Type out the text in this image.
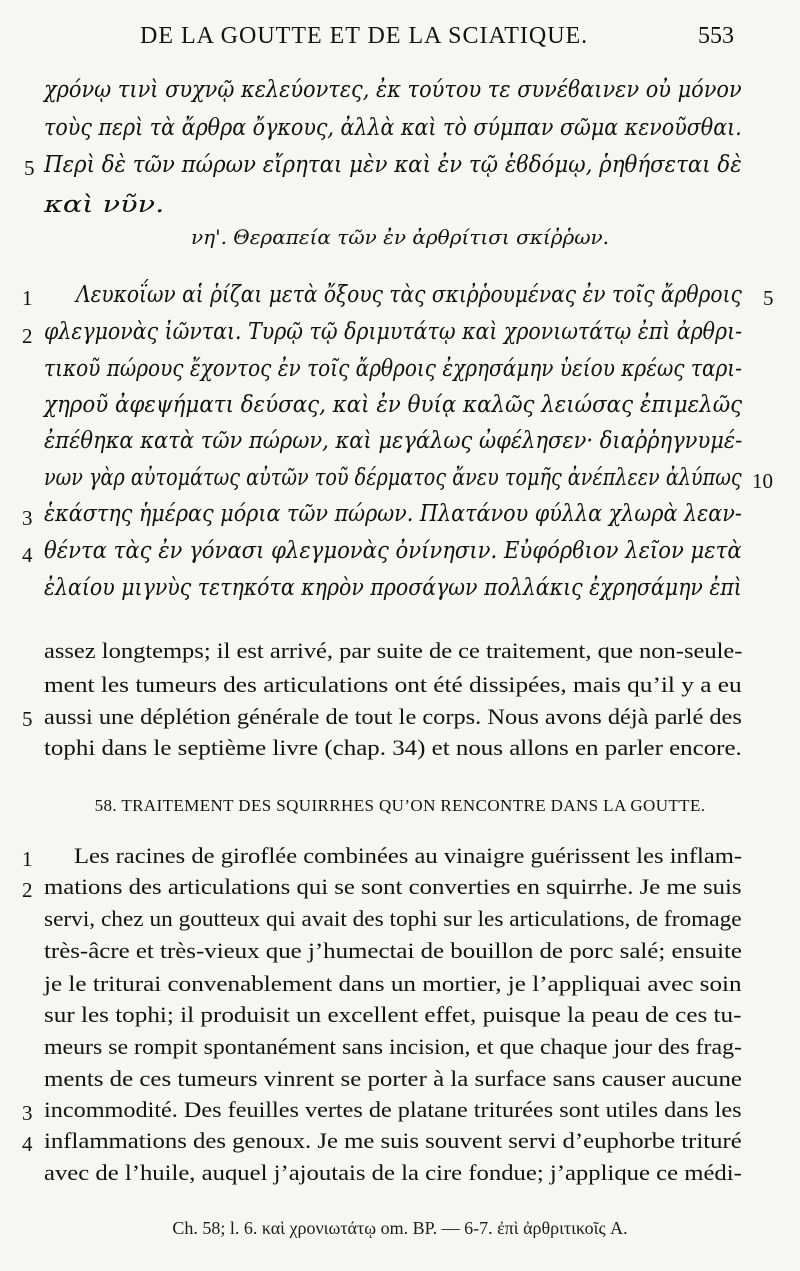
DE LA GOUTTE ET DE LA SCIATIQUE.	553
χρόνῳ τινὶ συχνῷ κελεύοντες, ἐκ τούτου τε συνέϐαινεν οὐ μόνον
τοὺς περὶ τὰ ἄρθρα ὄγκους, ἀλλὰ καὶ τὸ σύμπαν σῶμα κενοῦσθαι.
5 Περὶ δὲ τῶν πώρων εἴρηται μὲν καὶ ἐν τῷ ἑϐδόμῳ, ῥηθήσεται δὲ
καὶ νῦν.
νη'. Θεραπεία τῶν ἐν ἀρθρίτισι σκίῤῥων.
1 Λευκοΐων αἱ ῥίζαι μετὰ ὄξους τὰς σκιῤῥουμένας ἐν τοῖς ἄρθροις 5
2 φλεγμονὰς ἰῶνται. Τυρῷ τῷ δριμυτάτῳ καὶ χρονιωτάτῳ ἐπὶ ἀρθρι-
τικοῦ πώρους ἔχοντος ἐν τοῖς ἄρθροις ἐχρησάμην ὑείου κρέως ταρι-
χηροῦ ἀφεψήματι δεύσας, καὶ ἐν θυίᾳ καλῶς λειώσας ἐπιμελῶς
ἐπέθηκα κατὰ τῶν πώρων, καὶ μεγάλως ὠφέλησεν· διαῤῥηγνυμέ-
νων γὰρ αὐτομάτως αὐτῶν τοῦ δέρματος ἄνευ τομῆς ἀνέπλεεν ἀλύπως 10
3 ἑκάστης ἡμέρας μόρια τῶν πώρων. Πλατάνου φύλλα χλωρὰ λεαν-
4 θέντα τὰς ἐν γόνασι φλεγμονὰς ὀνίνησιν. Εὐφόρϐιον λεῖον μετὰ
ἐλαίου μιγνὺς τετηκότα κηρὸν προσάγων πολλάκις ἐχρησάμην ἐπὶ
assez longtemps; il est arrivé, par suite de ce traitement, que non-seule-
ment les tumeurs des articulations ont été dissipées, mais qu’il y a eu
5 aussi une déplétion générale de tout le corps. Nous avons déjà parlé des
tophi dans le septième livre (chap. 34) et nous allons en parler encore.
58. TRAITEMENT DES SQUIRRHES QU’ON RENCONTRE DANS LA GOUTTE.
1 Les racines de giroflée combinées au vinaigre guérissent les inflam-
2 mations des articulations qui se sont converties en squirrhe. Je me suis
servi, chez un goutteux qui avait des tophi sur les articulations, de fromage
très-âcre et très-vieux que j’humectai de bouillon de porc salé; ensuite
je le triturai convenablement dans un mortier, je l’appliquai avec soin
sur les tophi; il produisit un excellent effet, puisque la peau de ces tu-
meurs se rompit spontanément sans incision, et que chaque jour des frag-
ments de ces tumeurs vinrent se porter à la surface sans causer aucune
3 incommodité. Des feuilles vertes de platane triturées sont utiles dans les
4 inflammations des genoux. Je me suis souvent servi d’euphorbe trituré
avec de l’huile, auquel j’ajoutais de la cire fondue; j’applique ce médi-
Ch. 58; l. 6. καὶ χρονιωτάτῳ om. BP. — 6-7. ἐπὶ ἀρθριτικοῖς A.
